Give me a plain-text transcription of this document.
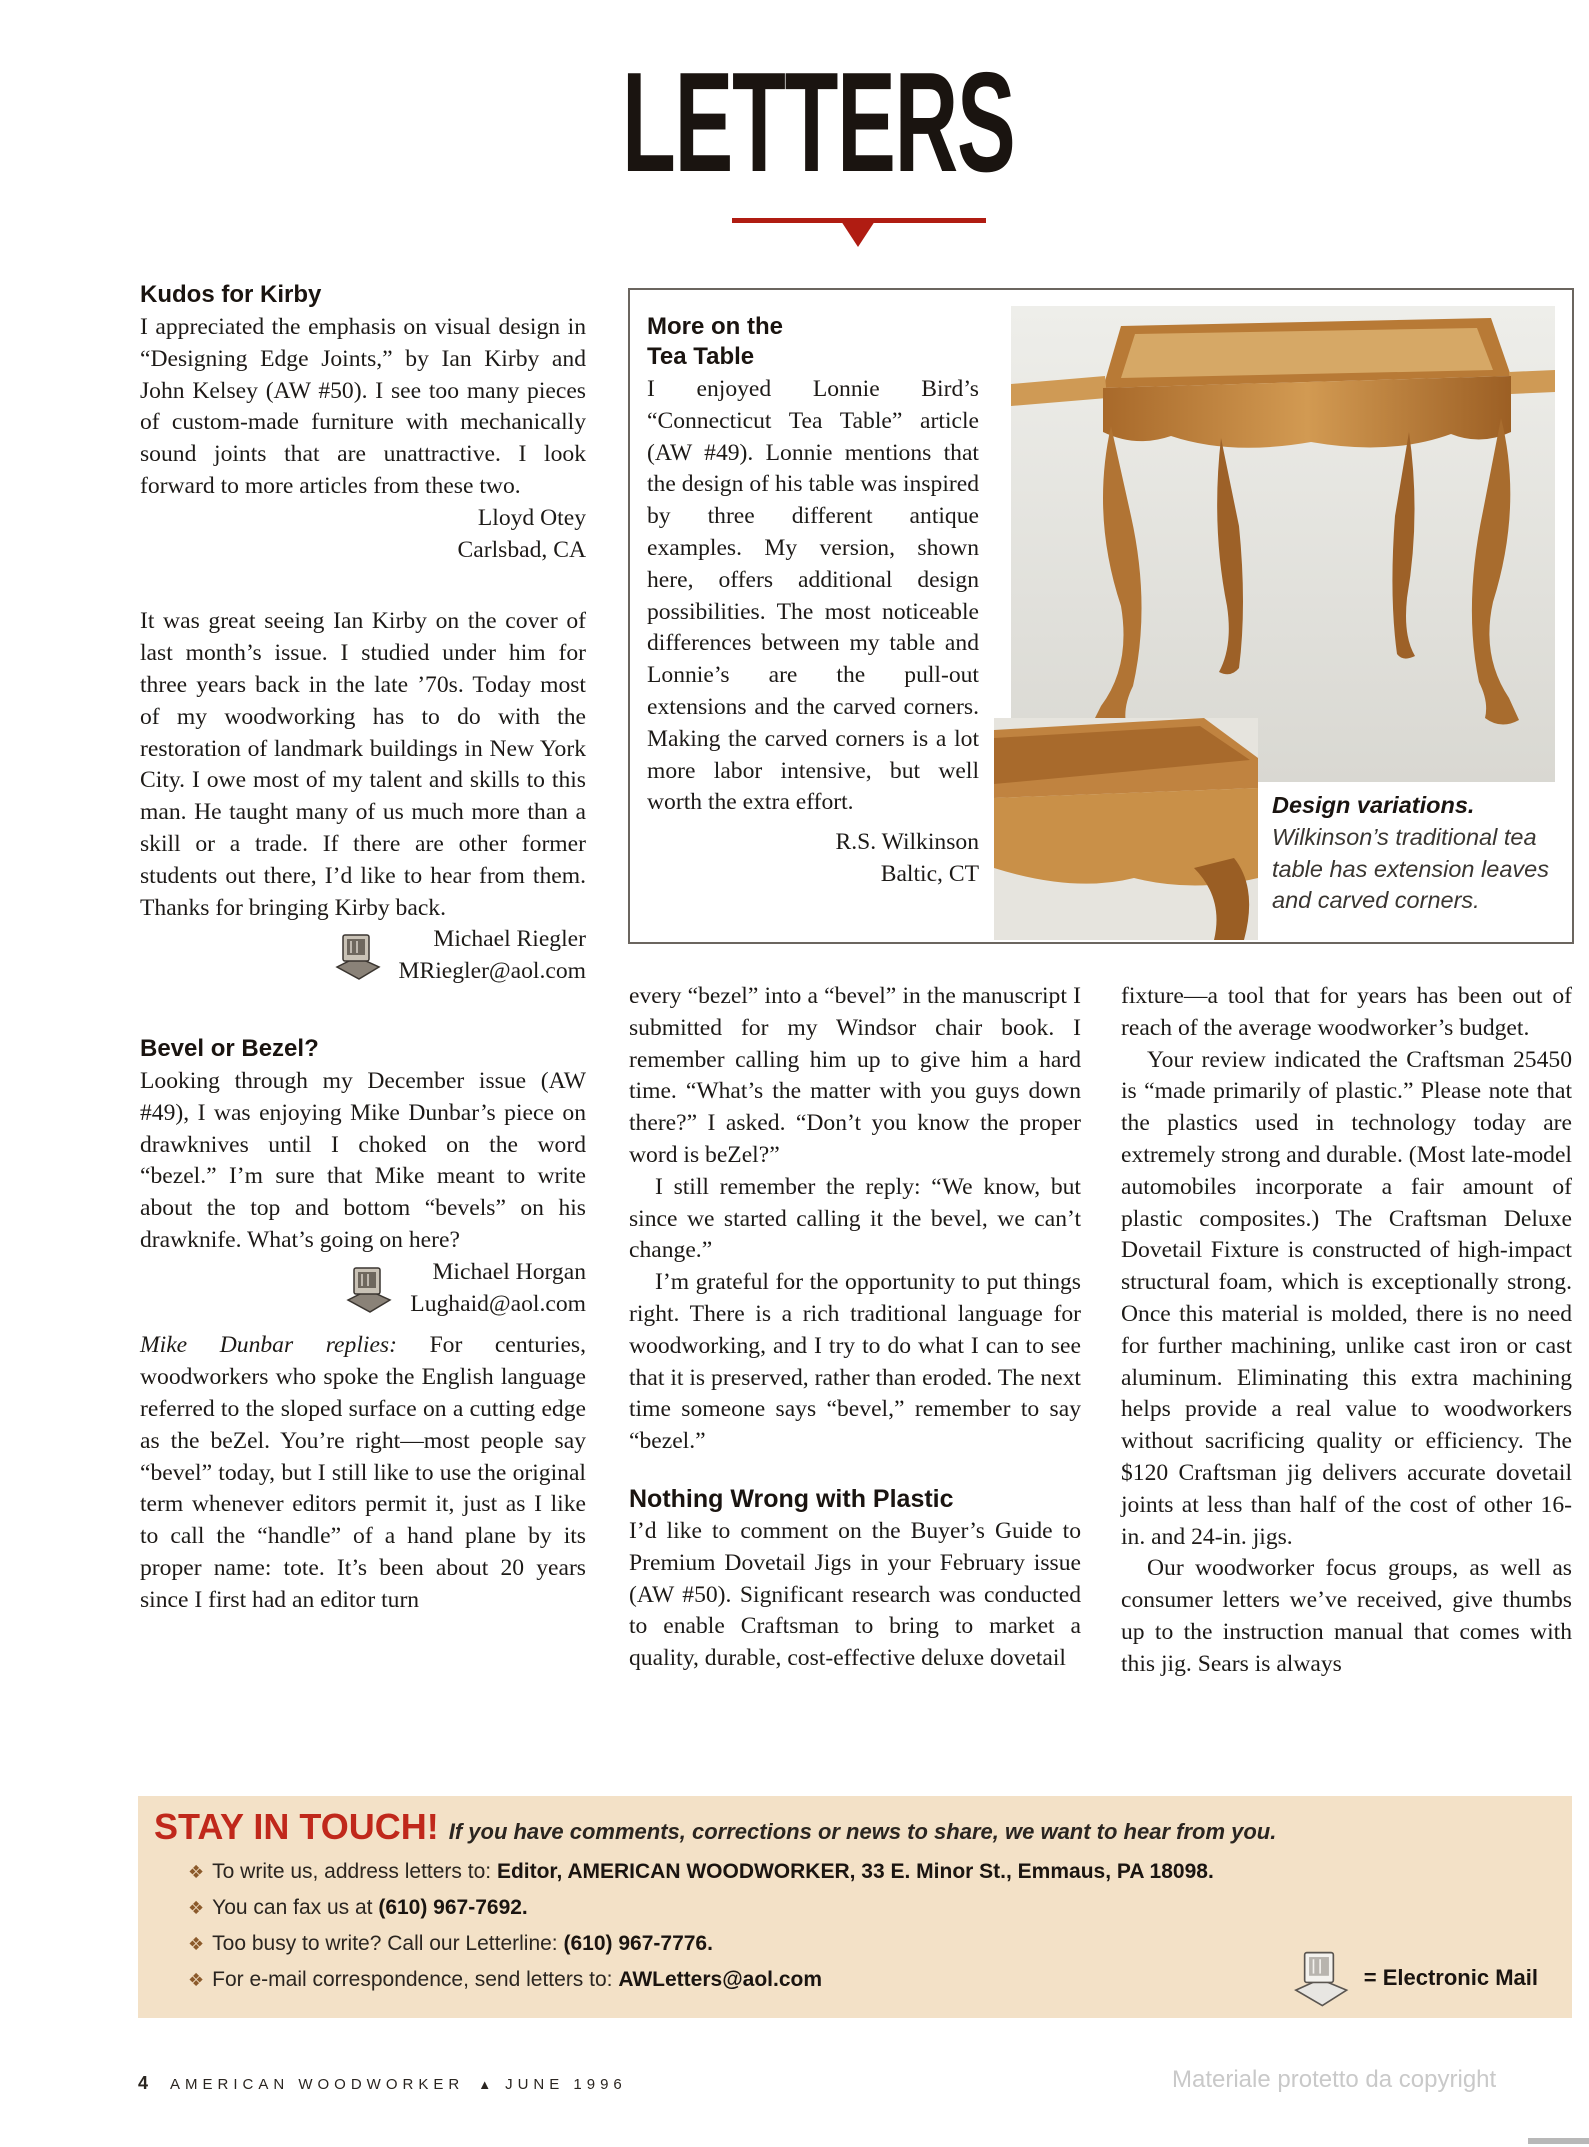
LETTERS
Kudos for Kirby

I appreciated the emphasis on visual design in “Designing Edge Joints,” by Ian Kirby and John Kelsey (AW #50). I see too many pieces of custom-made furniture with mechanically sound joints that are unattractive. I look forward to more articles from these two.

Lloyd Otey
Carlsbad, CA

It was great seeing Ian Kirby on the cover of last month’s issue. I studied under him for three years back in the late ’70s. Today most of my woodworking has to do with the restoration of landmark buildings in New York City. I owe most of my talent and skills to this man. He taught many of us much more than a skill or a trade. If there are other former students out there, I’d like to hear from them. Thanks for bringing Kirby back.

Michael Riegler
MRiegler@aol.com
Bevel or Bezel?

Looking through my December issue (AW #49), I was enjoying Mike Dunbar’s piece on drawknives until I choked on the word “bezel.” I’m sure that Mike meant to write about the top and bottom “bevels” on his drawknife. What’s going on here?

Michael Horgan
Lughaid@aol.com

Mike Dunbar replies: For centuries, woodworkers who spoke the English language referred to the sloped surface on a cutting edge as the beZel. You’re right—most people say “bevel” today, but I still like to use the original term whenever editors permit it, just as I like to call the “handle” of a hand plane by its proper name: tote. It’s been about 20 years since I first had an editor turn

More on the
Tea Table

I enjoyed Lonnie Bird’s “Connecticut Tea Table” article (AW #49). Lonnie mentions that the design of his table was inspired by three different antique examples. My version, shown here, offers additional design possibilities. The most noticeable differences between my table and Lonnie’s are the pull-out extensions and the carved corners. Making the carved corners is a lot more labor intensive, but well worth the extra effort.

R.S. Wilkinson
Baltic, CT
Design variations.
Wilkinson’s traditional tea table has extension leaves and carved corners.

every “bezel” into a “bevel” in the manuscript I submitted for my Windsor chair book. I remember calling him up to give him a hard time. “What’s the matter with you guys down there?” I asked. “Don’t you know the proper word is beZel?”

I still remember the reply: “We know, but since we started calling it the bevel, we can’t change.”

I’m grateful for the opportunity to put things right. There is a rich traditional language for woodworking, and I try to do what I can to see that it is preserved, rather than eroded. The next time someone says “bevel,” remember to say “bezel.”

Nothing Wrong with Plastic

I’d like to comment on the Buyer’s Guide to Premium Dovetail Jigs in your February issue (AW #50). Significant research was conducted to enable Craftsman to bring to market a quality, durable, cost-effective deluxe dovetail

fixture—a tool that for years has been out of reach of the average woodworker’s budget.

Your review indicated the Craftsman 25450 is “made primarily of plastic.” Please note that the plastics used in technology today are extremely strong and durable. (Most late-model automobiles incorporate a fair amount of plastic composites.) The Craftsman Deluxe Dovetail Fixture is constructed of high-impact structural foam, which is exceptionally strong. Once this material is molded, there is no need for further machining, unlike cast iron or cast aluminum. Eliminating this extra machining helps provide a real value to woodworkers without sacrificing quality or efficiency. The $120 Craftsman jig delivers accurate dovetail joints at less than half of the cost of other 16-in. and 24-in. jigs.

Our woodworker focus groups, as well as consumer letters we’ve received, give thumbs up to the instruction manual that comes with this jig. Sears is always

STAY IN TOUCH! If you have comments, corrections or news to share, we want to hear from you.
❖ To write us, address letters to: Editor, AMERICAN WOODWORKER, 33 E. Minor St., Emmaus, PA 18098.
❖ You can fax us at (610) 967-7692.
❖ Too busy to write? Call our Letterline: (610) 967-7776.
❖ For e-mail correspondence, send letters to: AWLetters@aol.com	= Electronic Mail
4 AMERICAN WOODWORKER ▲ JUNE 1996	Materiale protetto da copyright
